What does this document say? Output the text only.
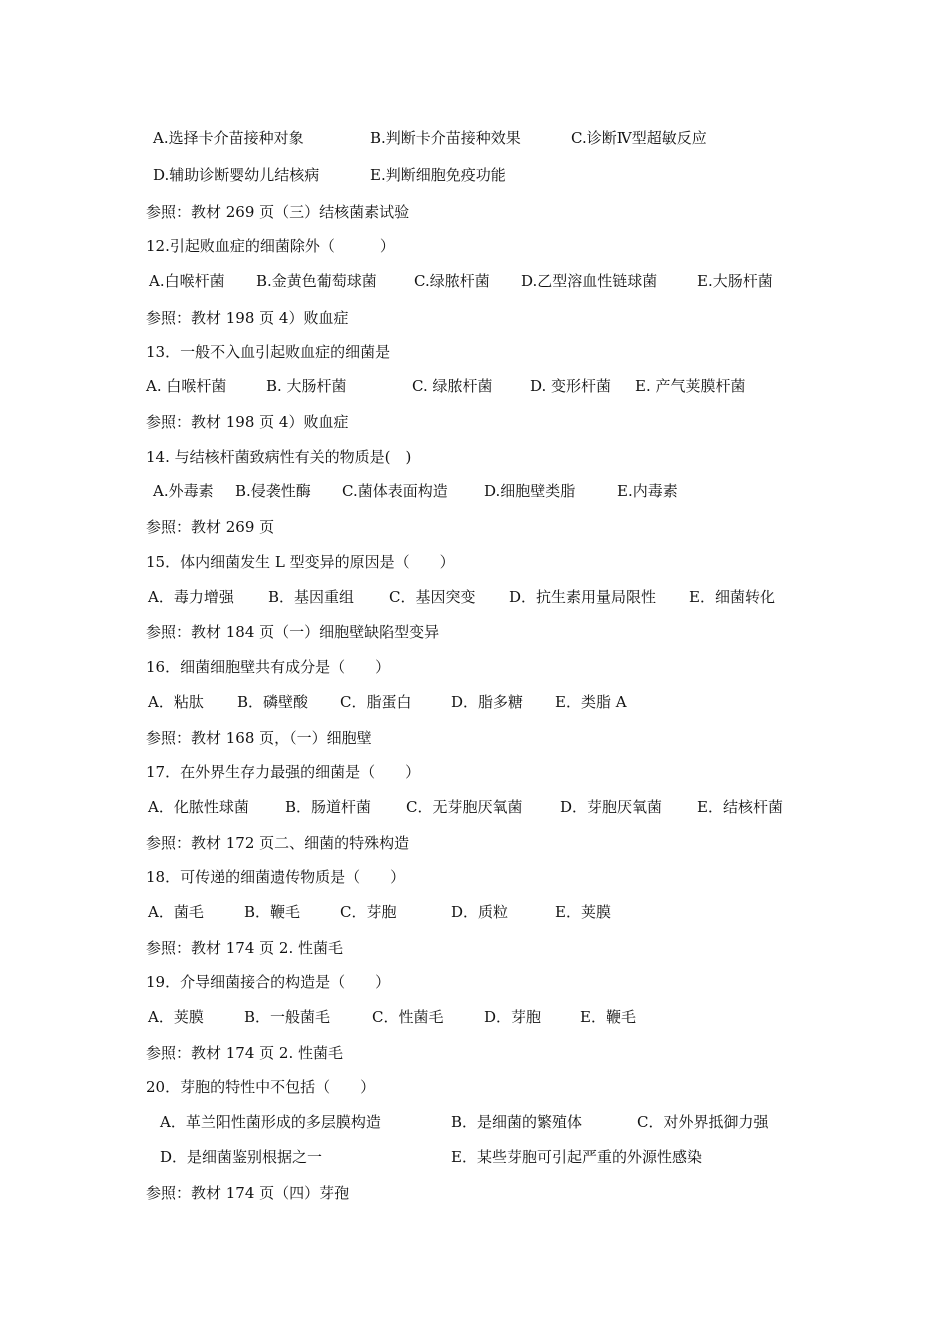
A.选择卡介苗接种对象	B.判断卡介苗接种效果	C.诊断Ⅳ型超敏反应
D.辅助诊断婴幼儿结核病	E.判断细胞免疫功能
参照：教材 269 页（三）结核菌素试验
12.引起败血症的细菌除外（　　　）
A.白喉杆菌 B.金黄色葡萄球菌 C.绿脓杆菌 D.乙型溶血性链球菌	E.大肠杆菌
参照：教材 198 页 4）败血症
13．一般不入血引起败血症的细菌是
A. 白喉杆菌	B. 大肠杆菌	C. 绿脓杆菌	D. 变形杆菌 E. 产气荚膜杆菌
参照：教材 198 页 4）败血症
14. 与结核杆菌致病性有关的物质是(　)
A.外毒素 B.侵袭性酶 C.菌体表面构造 D.细胞壁类脂	E.内毒素
参照：教材 269 页
15．体内细菌发生 L 型变异的原因是（　　）
A．毒力增强 B．基因重组 C．基因突变 D．抗生素用量局限性 E．细菌转化
参照：教材 184 页（一）细胞壁缺陷型变异
16．细菌细胞壁共有成分是（　　）
A．粘肽 B．磷壁酸 C．脂蛋白	D．脂多糖 E．类脂 A
参照：教材 168 页，（一）细胞壁
17．在外界生存力最强的细菌是（　　）
A．化脓性球菌 B．肠道杆菌 C．无芽胞厌氧菌	D．芽胞厌氧菌 E．结核杆菌
参照：教材 172 页二、细菌的特殊构造
18．可传递的细菌遗传物质是（　　）
A．菌毛	B．鞭毛	C．芽胞	D．质粒	E．荚膜
参照：教材 174 页 2. 性菌毛
19．介导细菌接合的构造是（　　）
A．荚膜	B．一般菌毛	C．性菌毛	D．芽胞	E．鞭毛
参照：教材 174 页 2. 性菌毛
20．芽胞的特性中不包括（　　）
A．革兰阳性菌形成的多层膜构造	B．是细菌的繁殖体	C．对外界抵御力强
D．是细菌鉴别根据之一	E．某些芽胞可引起严重的外源性感染
参照：教材 174 页（四）芽孢
